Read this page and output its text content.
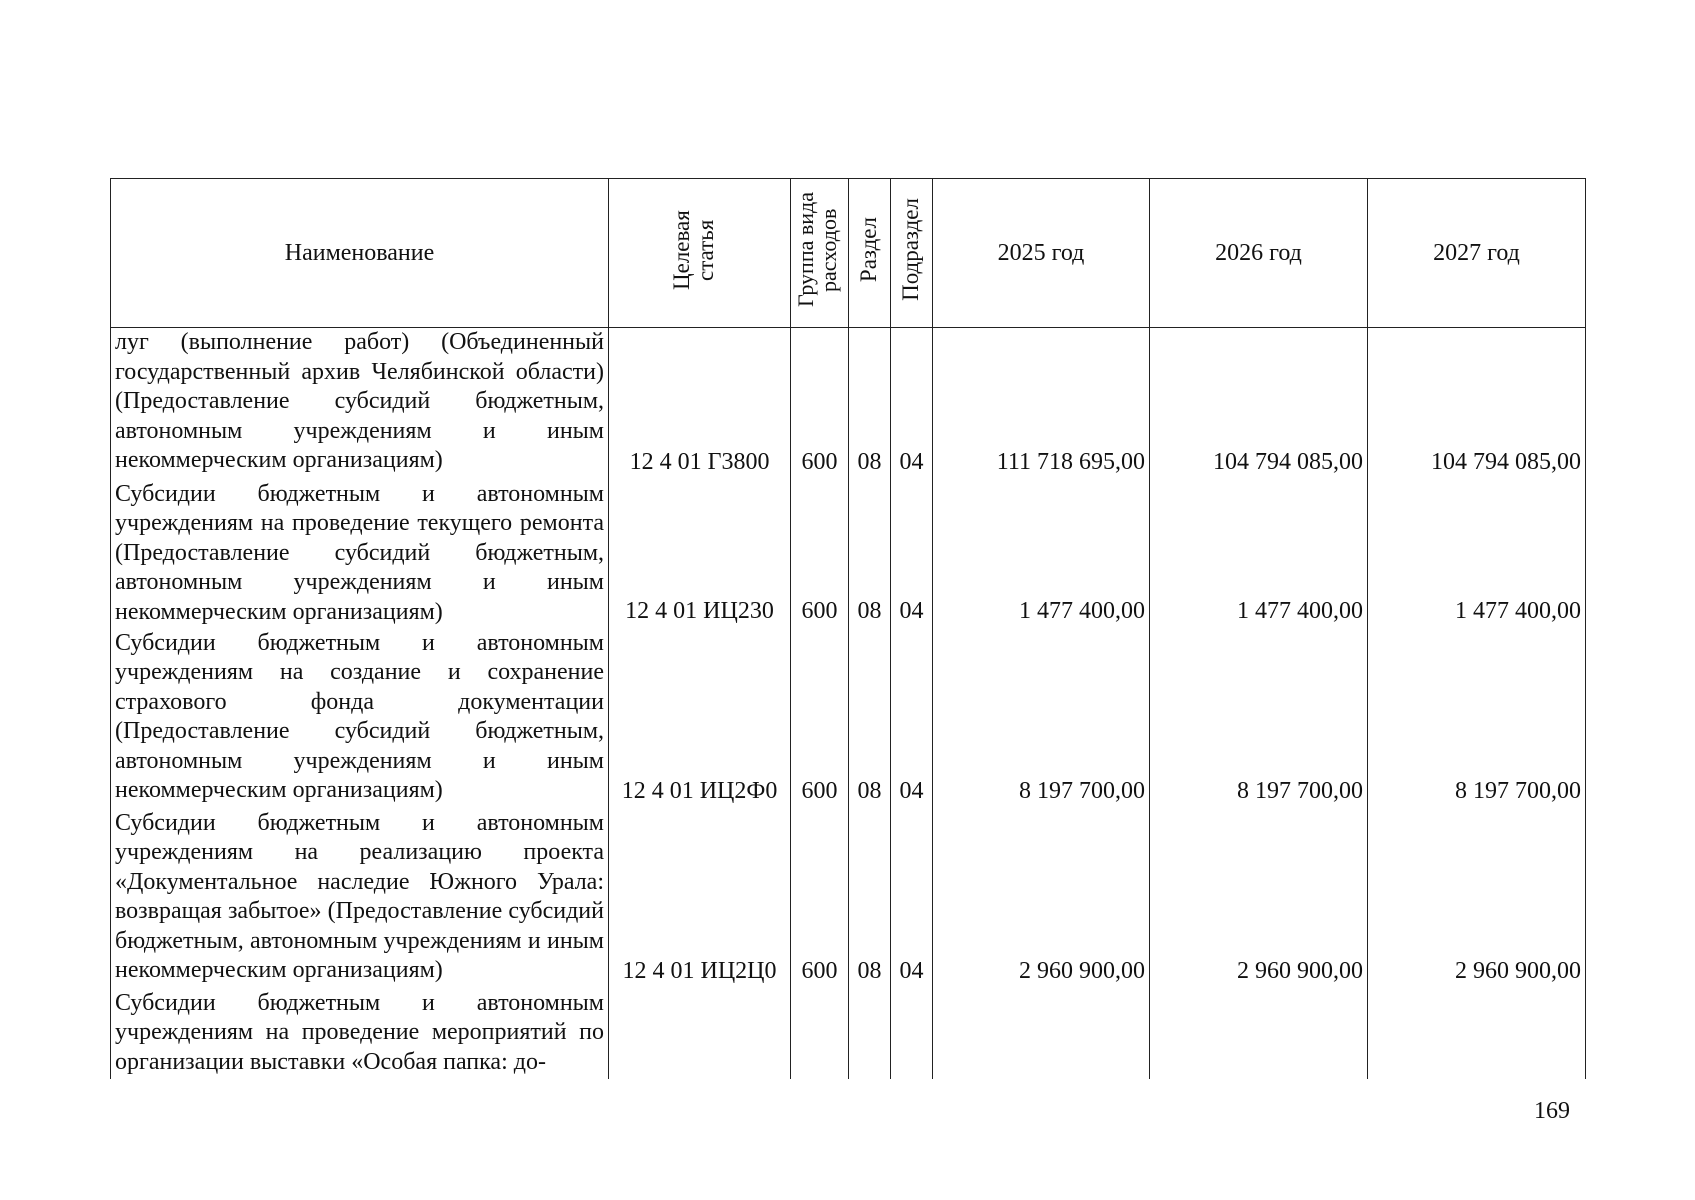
Наименование	Целевая статья	Группа вида расходов	Раздел	Подраздел	2025 год	2026 год	2027 год
луг (выполнение работ) (Объединенный государственный архив Челябинской области) (Предоставление субсидий бюджетным, автономным учреждениям и иным некоммерческим организациям)	12 4 01 Г3800	600	08	04	111 718 695,00	104 794 085,00	104 794 085,00
Субсидии бюджетным и автономным учреждениям на проведение текущего ремонта (Предоставление субсидий бюджетным, автономным учреждениям и иным некоммерческим организациям)	12 4 01 ИЦ230	600	08	04	1 477 400,00	1 477 400,00	1 477 400,00
Субсидии бюджетным и автономным учреждениям на создание и сохранение страхового фонда документации (Предоставление субсидий бюджетным, автономным учреждениям и иным некоммерческим организациям)	12 4 01 ИЦ2Ф0	600	08	04	8 197 700,00	8 197 700,00	8 197 700,00
Субсидии бюджетным и автономным учреждениям на реализацию проекта «Документальное наследие Южного Урала: возвращая забытое» (Предоставление субсидий бюджетным, автономным учреждениям и иным некоммерческим организациям)	12 4 01 ИЦ2Ц0	600	08	04	2 960 900,00	2 960 900,00	2 960 900,00
Субсидии бюджетным и автономным учреждениям на проведение мероприятий по организации выставки «Особая папка: до-							
169
